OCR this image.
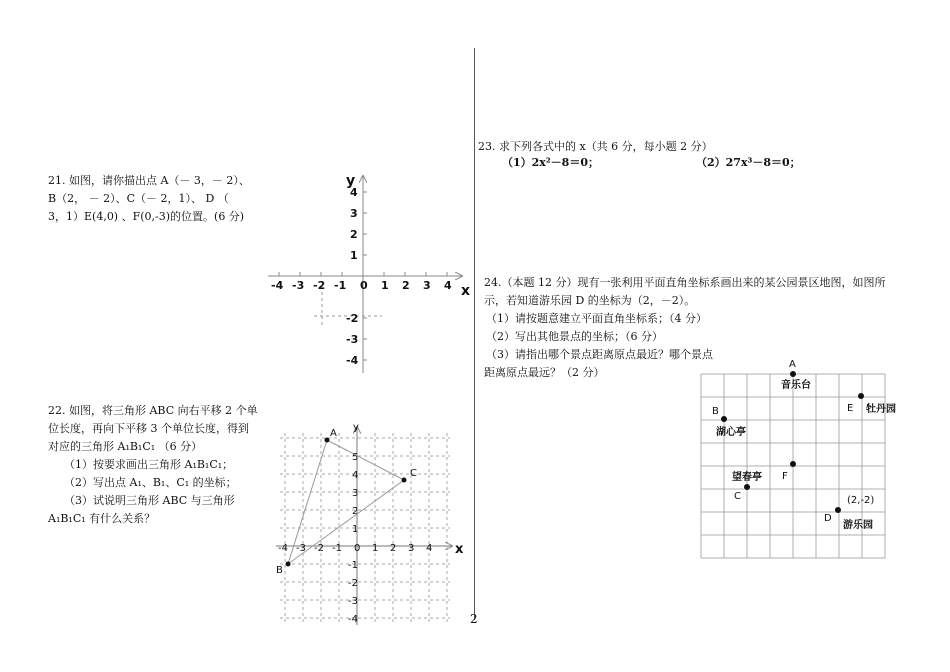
21. 如图，请你描出点 A（－ 3，－ 2）、
B（2， － 2）、C（－ 2，1）、 D （
3，1）E(4,0) 、F(0,-3)的位置。(6 分)
x
y
-4 -3 -2 -1 0 1 2 3 4
4
3
2
1
-2
-3
-4
22. 如图，将三角形 ABC 向右平移 2 个单
位长度，再向下平移 3 个单位长度，得到
对应的三角形 A₁B₁C₁ （6 分）
（1）按要求画出三角形 A₁B₁C₁；
（2）写出点 A₁、B₁、C₁ 的坐标；
（3）试说明三角形 ABC 与三角形
A₁B₁C₁ 有什么关系？
x
y
-4 -3 -2 -1 0 1 2 3 4
5
4
3
2
1
-1
-2
-3
-4
A
B
C
2
23. 求下列各式中的 x（共 6 分，每小题 2 分）
（1）2x²－8＝0；	（2）27x³－8＝0；
24.（本题 12 分）现有一张利用平面直角坐标系画出来的某公园景区地图，如图所
示，若知道游乐园 D 的坐标为（2，－2）。
（1）请按题意建立平面直角坐标系；（4 分）
（2）写出其他景点的坐标；（6 分）
（3）请指出哪个景点距离原点最近？哪个景点
距离原点最远？（2 分）
A
音乐台
B
湖心亭
E 牡丹园
F
望春亭
C
D
(2,-2)
游乐园
